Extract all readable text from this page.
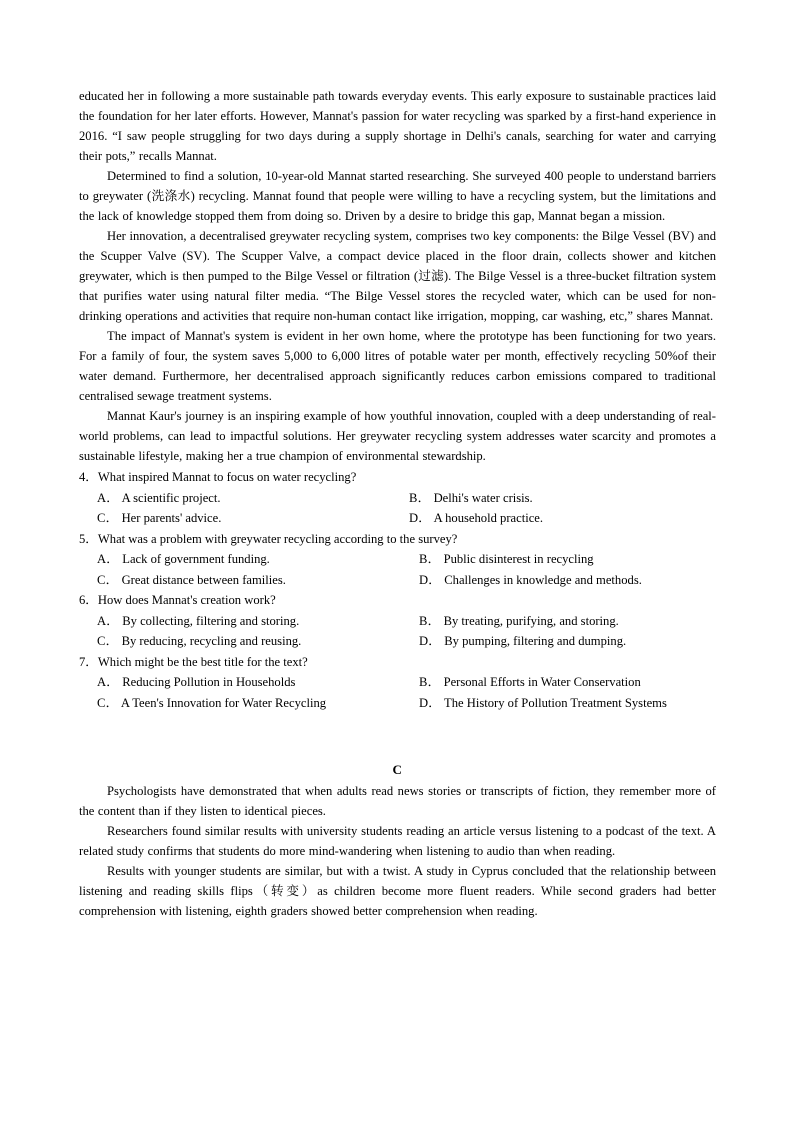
educated her in following a more sustainable path towards everyday events. This early exposure to sustainable practices laid the foundation for her later efforts. However, Mannat's passion for water recycling was sparked by a first-hand experience in 2016. “I saw people struggling for two days during a supply shortage in Delhi's canals, searching for water and carrying their pots,” recalls Mannat.

Determined to find a solution, 10-year-old Mannat started researching. She surveyed 400 people to understand barriers to greywater (洗涤水) recycling. Mannat found that people were willing to have a recycling system, but the limitations and the lack of knowledge stopped them from doing so. Driven by a desire to bridge this gap, Mannat began a mission.

Her innovation, a decentralised greywater recycling system, comprises two key components: the Bilge Vessel (BV) and the Scupper Valve (SV). The Scupper Valve, a compact device placed in the floor drain, collects shower and kitchen greywater, which is then pumped to the Bilge Vessel or filtration (过滤). The Bilge Vessel is a three-bucket filtration system that purifies water using natural filter media. “The Bilge Vessel stores the recycled water, which can be used for non-drinking operations and activities that require non-human contact like irrigation, mopping, car washing, etc,” shares Mannat.

The impact of Mannat's system is evident in her own home, where the prototype has been functioning for two years. For a family of four, the system saves 5,000 to 6,000 litres of potable water per month, effectively recycling 50%of their water demand. Furthermore, her decentralised approach significantly reduces carbon emissions compared to traditional centralised sewage treatment systems.

Mannat Kaur's journey is an inspiring example of how youthful innovation, coupled with a deep understanding of real-world problems, can lead to impactful solutions. Her greywater recycling system addresses water scarcity and promotes a sustainable lifestyle, making her a true champion of environmental stewardship.

4．What inspired Mannat to focus on water recycling?

A． A scientific project.	B． Delhi's water crisis.
C． Her parents' advice.	D． A household practice.

5．What was a problem with greywater recycling according to the survey?

A． Lack of government funding.	B． Public disinterest in recycling
C． Great distance between families.	D． Challenges in knowledge and methods.

6．How does Mannat's creation work?

A． By collecting, filtering and storing.	B． By treating, purifying, and storing.
C． By reducing, recycling and reusing.	D． By pumping, filtering and dumping.

7．Which might be the best title for the text?

A． Reducing Pollution in Households	B． Personal Efforts in Water Conservation
C． A Teen's Innovation for Water Recycling	D． The History of Pollution Treatment Systems

C

Psychologists have demonstrated that when adults read news stories or transcripts of fiction, they remember more of the content than if they listen to identical pieces.

Researchers found similar results with university students reading an article versus listening to a podcast of the text. A related study confirms that students do more mind-wandering when listening to audio than when reading.

Results with younger students are similar, but with a twist. A study in Cyprus concluded that the relationship between listening and reading skills flips（转变）as children become more fluent readers. While second graders had better comprehension with listening, eighth graders showed better comprehension when reading.
